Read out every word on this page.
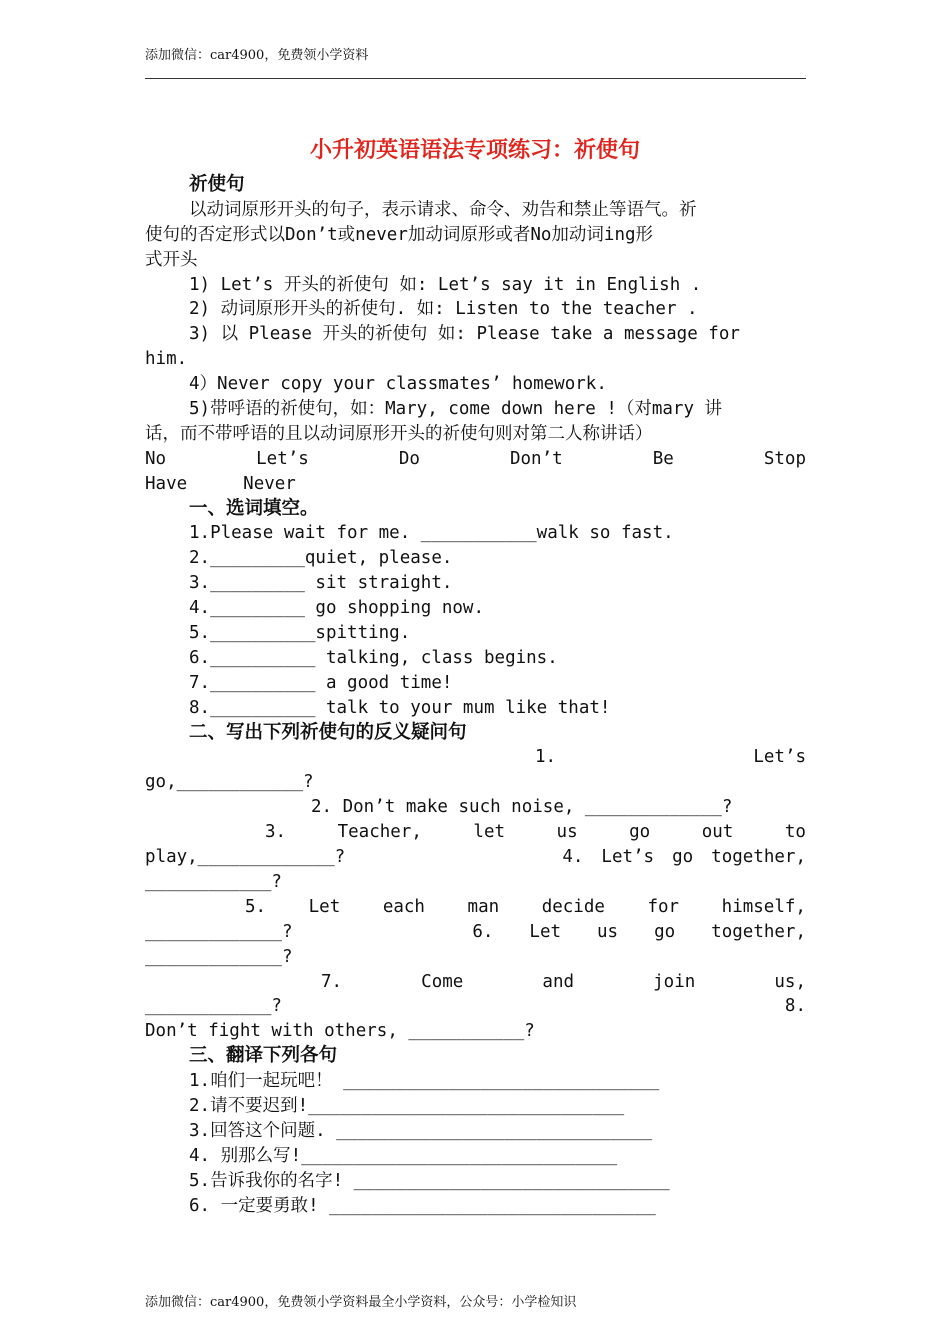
添加微信：car4900，免费领小学资料
小升初英语语法专项练习：祈使句
祈使句
以动词原形开头的句子，表示请求、命令、劝告和禁止等语气。祈
使句的否定形式以Don’t或never加动词原形或者No加动词ing形
式开头
1) Let’s 开头的祈使句 如: Let’s say it in English .
2) 动词原形开头的祈使句. 如: Listen to the teacher .
3) 以 Please 开头的祈使句 如: Please take a message for
him.
4）Never copy your classmates’ homework.
5)带呼语的祈使句，如：Mary, come down here !（对mary 讲
话，而不带呼语的且以动词原形开头的祈使句则对第二人称讲话）
No	Let’s	Do	Don’t	Be	Stop
Have	Never
一、选词填空。
1.Please wait for me. ___________walk so fast.
2._________quiet, please.
3._________ sit straight.
4._________ go shopping now.
5.__________spitting.
6.__________ talking, class begins.
7.__________ a good time!
8.__________ talk to your mum like that!
二、写出下列祈使句的反义疑问句
1.	Let’s
go,____________?
2. Don’t make such noise, _____________?
3.	Teacher,	let	us	go	out	to
play,_____________?	4. Let’s go together,
____________?
5. Let each man decide for himself,
_____________?	6. Let us go together,
_____________?
7.	Come	and	join	us,
____________?	8.
Don’t fight with others, ___________?
三、翻译下列各句
1.咱们一起玩吧！ ______________________________
2.请不要迟到!______________________________
3.回答这个问题. ______________________________
4. 别那么写!______________________________
5.告诉我你的名字! ______________________________
6. 一定要勇敢! _______________________________
添加微信：car4900，免费领小学资料最全小学资料，公众号：小学检知识
